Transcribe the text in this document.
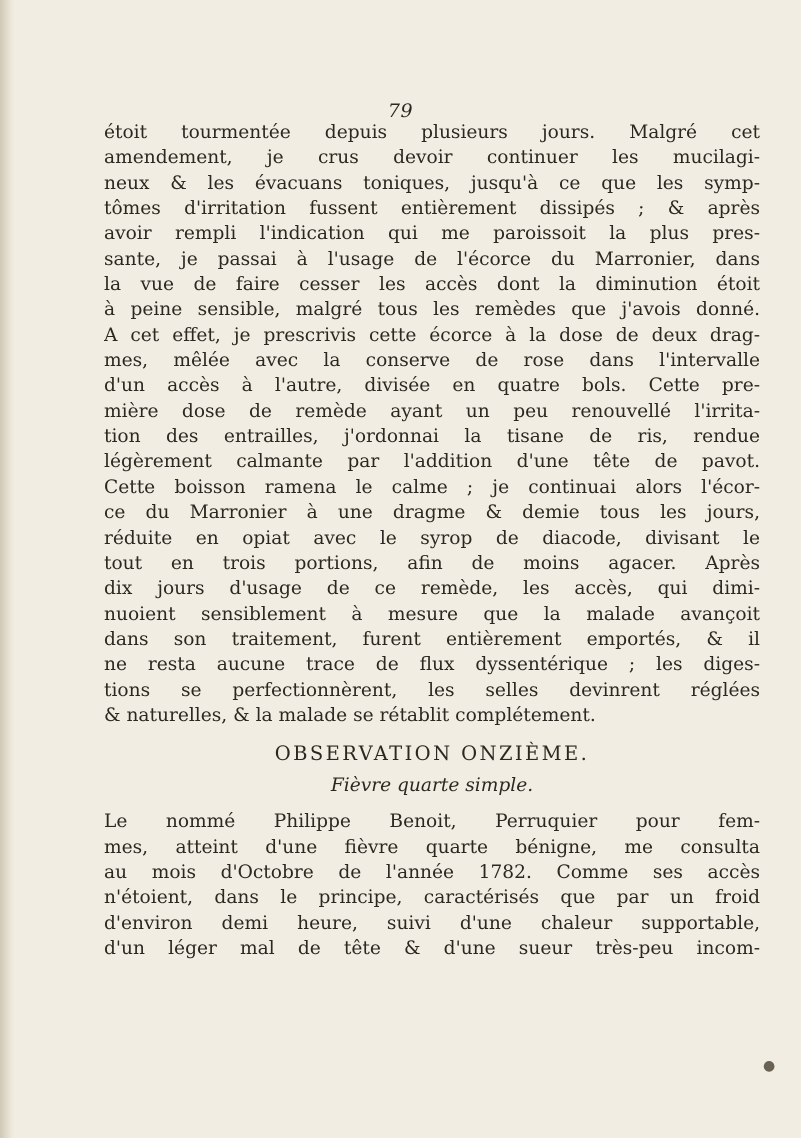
79
étoit tourmentée depuis plusieurs jours. Malgré cet
amendement, je crus devoir continuer les mucilagi-
neux & les évacuans toniques, jusqu'à ce que les symp-
tômes d'irritation fussent entièrement dissipés ; & après
avoir rempli l'indication qui me paroissoit la plus pres-
sante, je passai à l'usage de l'écorce du Marronier, dans
la vue de faire cesser les accès dont la diminution étoit
à peine sensible, malgré tous les remèdes que j'avois donné.
A cet effet, je prescrivis cette écorce à la dose de deux drag-
mes, mêlée avec la conserve de rose dans l'intervalle
d'un accès à l'autre, divisée en quatre bols. Cette pre-
mière dose de remède ayant un peu renouvellé l'irrita-
tion des entrailles, j'ordonnai la tisane de ris, rendue
légèrement calmante par l'addition d'une tête de pavot.
Cette boisson ramena le calme ; je continuai alors l'écor-
ce du Marronier à une dragme & demie tous les jours,
réduite en opiat avec le syrop de diacode, divisant le
tout en trois portions, afin de moins agacer. Après
dix jours d'usage de ce remède, les accès, qui dimi-
nuoient sensiblement à mesure que la malade avançoit
dans son traitement, furent entièrement emportés, & il
ne resta aucune trace de flux dyssentérique ; les diges-
tions se perfectionnèrent, les selles devinrent réglées
& naturelles, & la malade se rétablit complétement.
OBSERVATION ONZIÈME.
Fièvre quarte simple.
Le nommé Philippe Benoit, Perruquier pour fem-
mes, atteint d'une fièvre quarte bénigne, me consulta
au mois d'Octobre de l'année 1782. Comme ses accès
n'étoient, dans le principe, caractérisés que par un froid
d'environ demi heure, suivi d'une chaleur supportable,
d'un léger mal de tête & d'une sueur très-peu incom-
●
